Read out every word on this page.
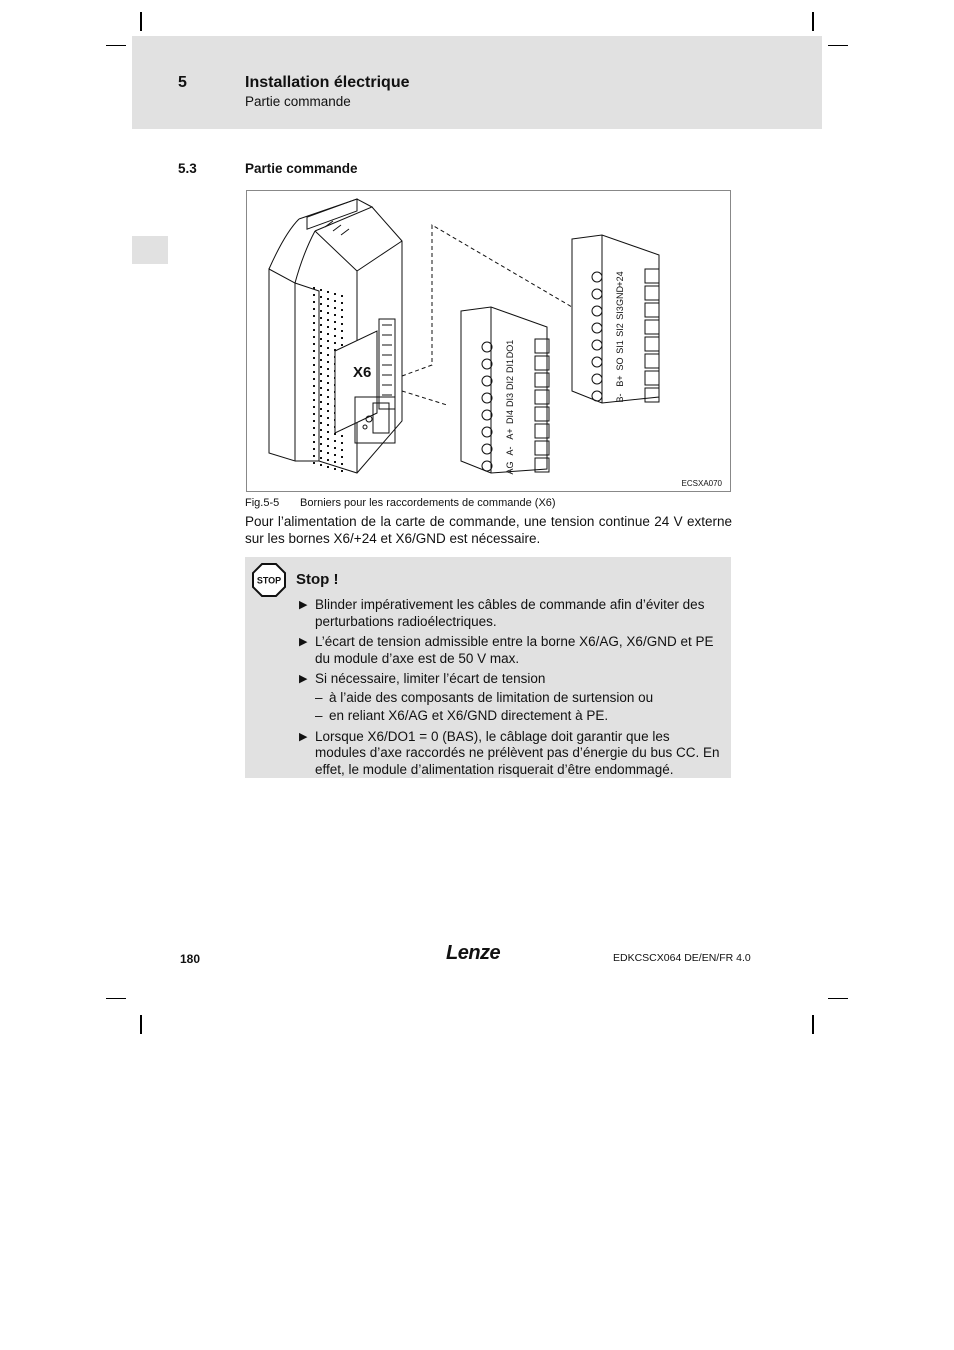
5	Installation électrique
Partie commande
5.3	Partie commande
X6
DO1
DI1
DI2
DI3
DI4
A+
A-
AG
+24
GND
SI3
SI2
SI1
SO
B+
B-
ECSXA070
Fig.5-5 Borniers pour les raccordements de commande (X6)
Pour l’alimentation de la carte de commande, une tension continue 24 V externe sur les bornes X6/+24 et X6/GND est nécessaire.
STOP Stop !
▶ Blinder impérativement les câbles de commande afin d’éviter des perturbations radioélectriques.
▶ L’écart de tension admissible entre la borne X6/AG, X6/GND et PE du module d’axe est de 50 V max.
▶ Si nécessaire, limiter l’écart de tension
– à l’aide des composants de limitation de surtension ou
– en reliant X6/AG et X6/GND directement à PE.
▶ Lorsque X6/DO1 = 0 (BAS), le câblage doit garantir que les modules d’axe raccordés ne prélèvent pas d’énergie du bus CC. En effet, le module d’alimentation risquerait d’être endommagé.
180	Lenze	EDKCSCX064 DE/EN/FR 4.0
